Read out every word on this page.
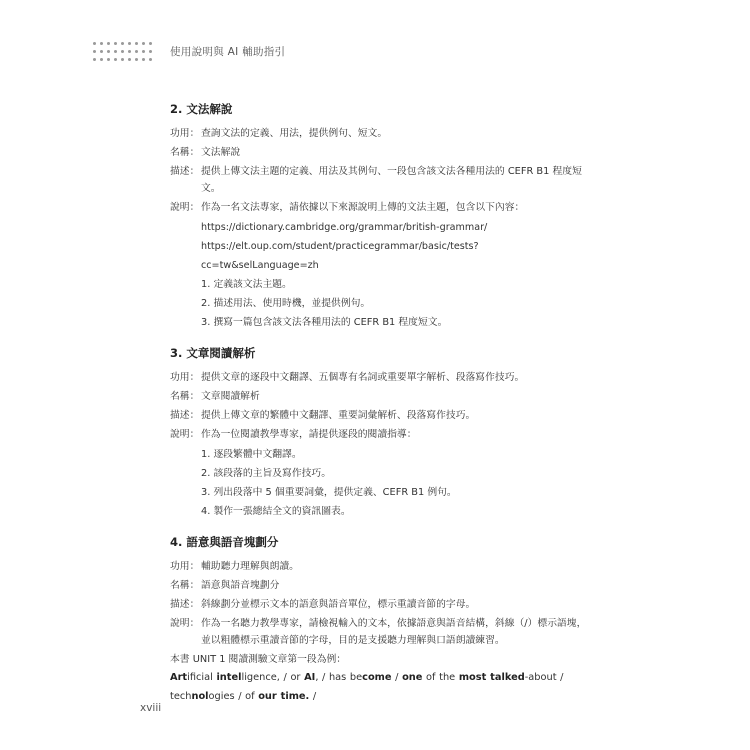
使用說明與 AI 輔助指引
2. 文法解說
功用： 查詢文法的定義、用法，提供例句、短文。
名稱： 文法解說
描述： 提供上傳文法主題的定義、用法及其例句、一段包含該文法各種用法的 CEFR B1 程度短文。
說明： 作為一名文法專家，請依據以下來源說明上傳的文法主題，包含以下內容：
https://dictionary.cambridge.org/grammar/british-grammar/
https://elt.oup.com/student/practicegrammar/basic/tests?cc=tw&selLanguage=zh
1. 定義該文法主題。
2. 描述用法、使用時機，並提供例句。
3. 撰寫一篇包含該文法各種用法的 CEFR B1 程度短文。
3. 文章閱讀解析
功用： 提供文章的逐段中文翻譯、五個專有名詞或重要單字解析、段落寫作技巧。
名稱： 文章閱讀解析
描述： 提供上傳文章的繁體中文翻譯、重要詞彙解析、段落寫作技巧。
說明： 作為一位閱讀教學專家，請提供逐段的閱讀指導：
1. 逐段繁體中文翻譯。
2. 該段落的主旨及寫作技巧。
3. 列出段落中 5 個重要詞彙，提供定義、CEFR B1 例句。
4. 製作一張總結全文的資訊圖表。
4. 語意與語音塊劃分
功用： 輔助聽力理解與朗讀。
名稱： 語意與語音塊劃分
描述： 斜線劃分並標示文本的語意與語音單位，標示重讀音節的字母。
說明： 作為一名聽力教學專家，請檢視輸入的文本，依據語意與語音結構，斜線（/）標示語塊，並以粗體標示重讀音節的字母，目的是支援聽力理解與口語朗讀練習。
本書 UNIT 1 閱讀測驗文章第一段為例：
Artificial intelligence, / or AI, / has become / one of the most talked-about / technologies / of our time. /
xviii
